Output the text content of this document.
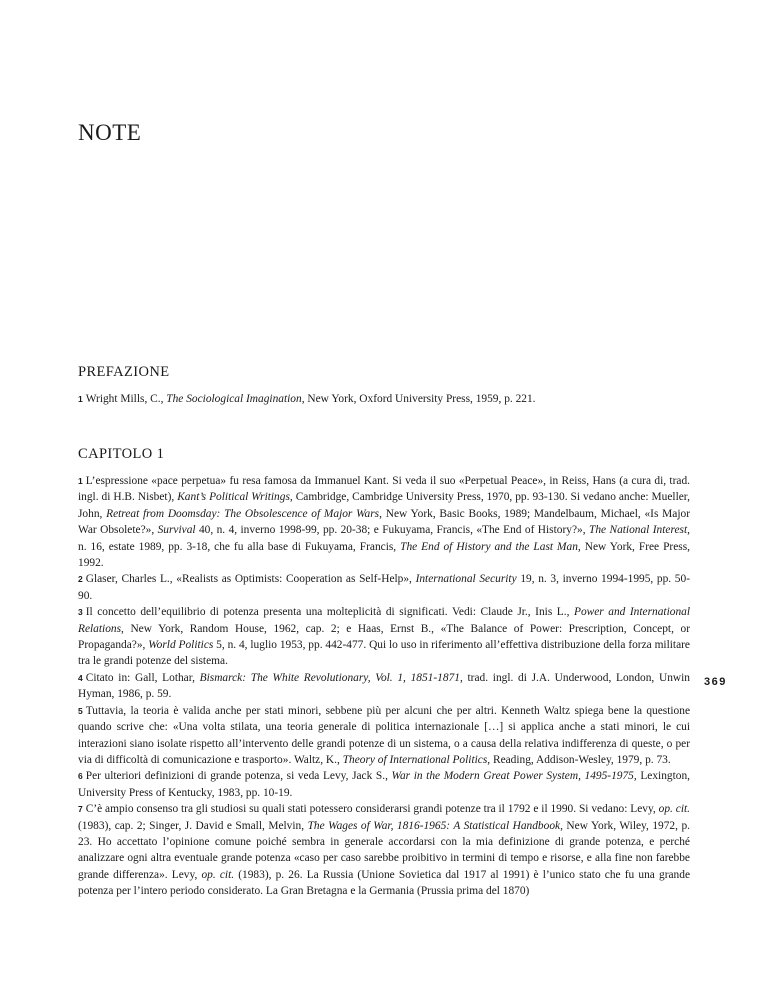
NOTE
PREFAZIONE

1 Wright Mills, C., The Sociological Imagination, New York, Oxford University Press, 1959, p. 221.

CAPITOLO 1

1 L’espressione «pace perpetua» fu resa famosa da Immanuel Kant. Si veda il suo «Perpetual Peace», in Reiss, Hans (a cura di, trad. ingl. di H.B. Nisbet), Kant’s Political Writings, Cambridge, Cambridge University Press, 1970, pp. 93-130. Si vedano anche: Mueller, John, Retreat from Doomsday: The Obsolescence of Major Wars, New York, Basic Books, 1989; Mandelbaum, Michael, «Is Major War Obsolete?», Survival 40, n. 4, inverno 1998-99, pp. 20-38; e Fukuyama, Francis, «The End of History?», The National Interest, n. 16, estate 1989, pp. 3-18, che fu alla base di Fukuyama, Francis, The End of History and the Last Man, New York, Free Press, 1992.

2 Glaser, Charles L., «Realists as Optimists: Cooperation as Self-Help», International Security 19, n. 3, inverno 1994-1995, pp. 50-90.

3 Il concetto dell’equilibrio di potenza presenta una molteplicità di significati. Vedi: Claude Jr., Inis L., Power and International Relations, New York, Random House, 1962, cap. 2; e Haas, Ernst B., «The Balance of Power: Prescription, Concept, or Propaganda?», World Politics 5, n. 4, luglio 1953, pp. 442-477. Qui lo uso in riferimento all’effettiva distribuzione della forza militare tra le grandi potenze del sistema.

4 Citato in: Gall, Lothar, Bismarck: The White Revolutionary, Vol. 1, 1851-1871, trad. ingl. di J.A. Underwood, London, Unwin Hyman, 1986, p. 59.

5 Tuttavia, la teoria è valida anche per stati minori, sebbene più per alcuni che per altri. Kenneth Waltz spiega bene la questione quando scrive che: «Una volta stilata, una teoria generale di politica internazionale […] si applica anche a stati minori, le cui interazioni siano isolate rispetto all’intervento delle grandi potenze di un sistema, o a causa della relativa indifferenza di queste, o per via di difficoltà di comunicazione e trasporto». Waltz, K., Theory of International Politics, Reading, Addison-Wesley, 1979, p. 73.

6 Per ulteriori definizioni di grande potenza, si veda Levy, Jack S., War in the Modern Great Power System, 1495-1975, Lexington, University Press of Kentucky, 1983, pp. 10-19.

7 C’è ampio consenso tra gli studiosi su quali stati potessero considerarsi grandi potenze tra il 1792 e il 1990. Si vedano: Levy, op. cit. (1983), cap. 2; Singer, J. David e Small, Melvin, The Wages of War, 1816-1965: A Statistical Handbook, New York, Wiley, 1972, p. 23. Ho accettato l’opinione comune poiché sembra in generale accordarsi con la mia definizione di grande potenza, e perché analizzare ogni altra eventuale grande potenza «caso per caso sarebbe proibitivo in termini di tempo e risorse, e alla fine non farebbe grande differenza». Levy, op. cit. (1983), p. 26. La Russia (Unione Sovietica dal 1917 al 1991) è l’unico stato che fu una grande potenza per l’intero periodo considerato. La Gran Bretagna e la Germania (Prussia prima del 1870)

369
